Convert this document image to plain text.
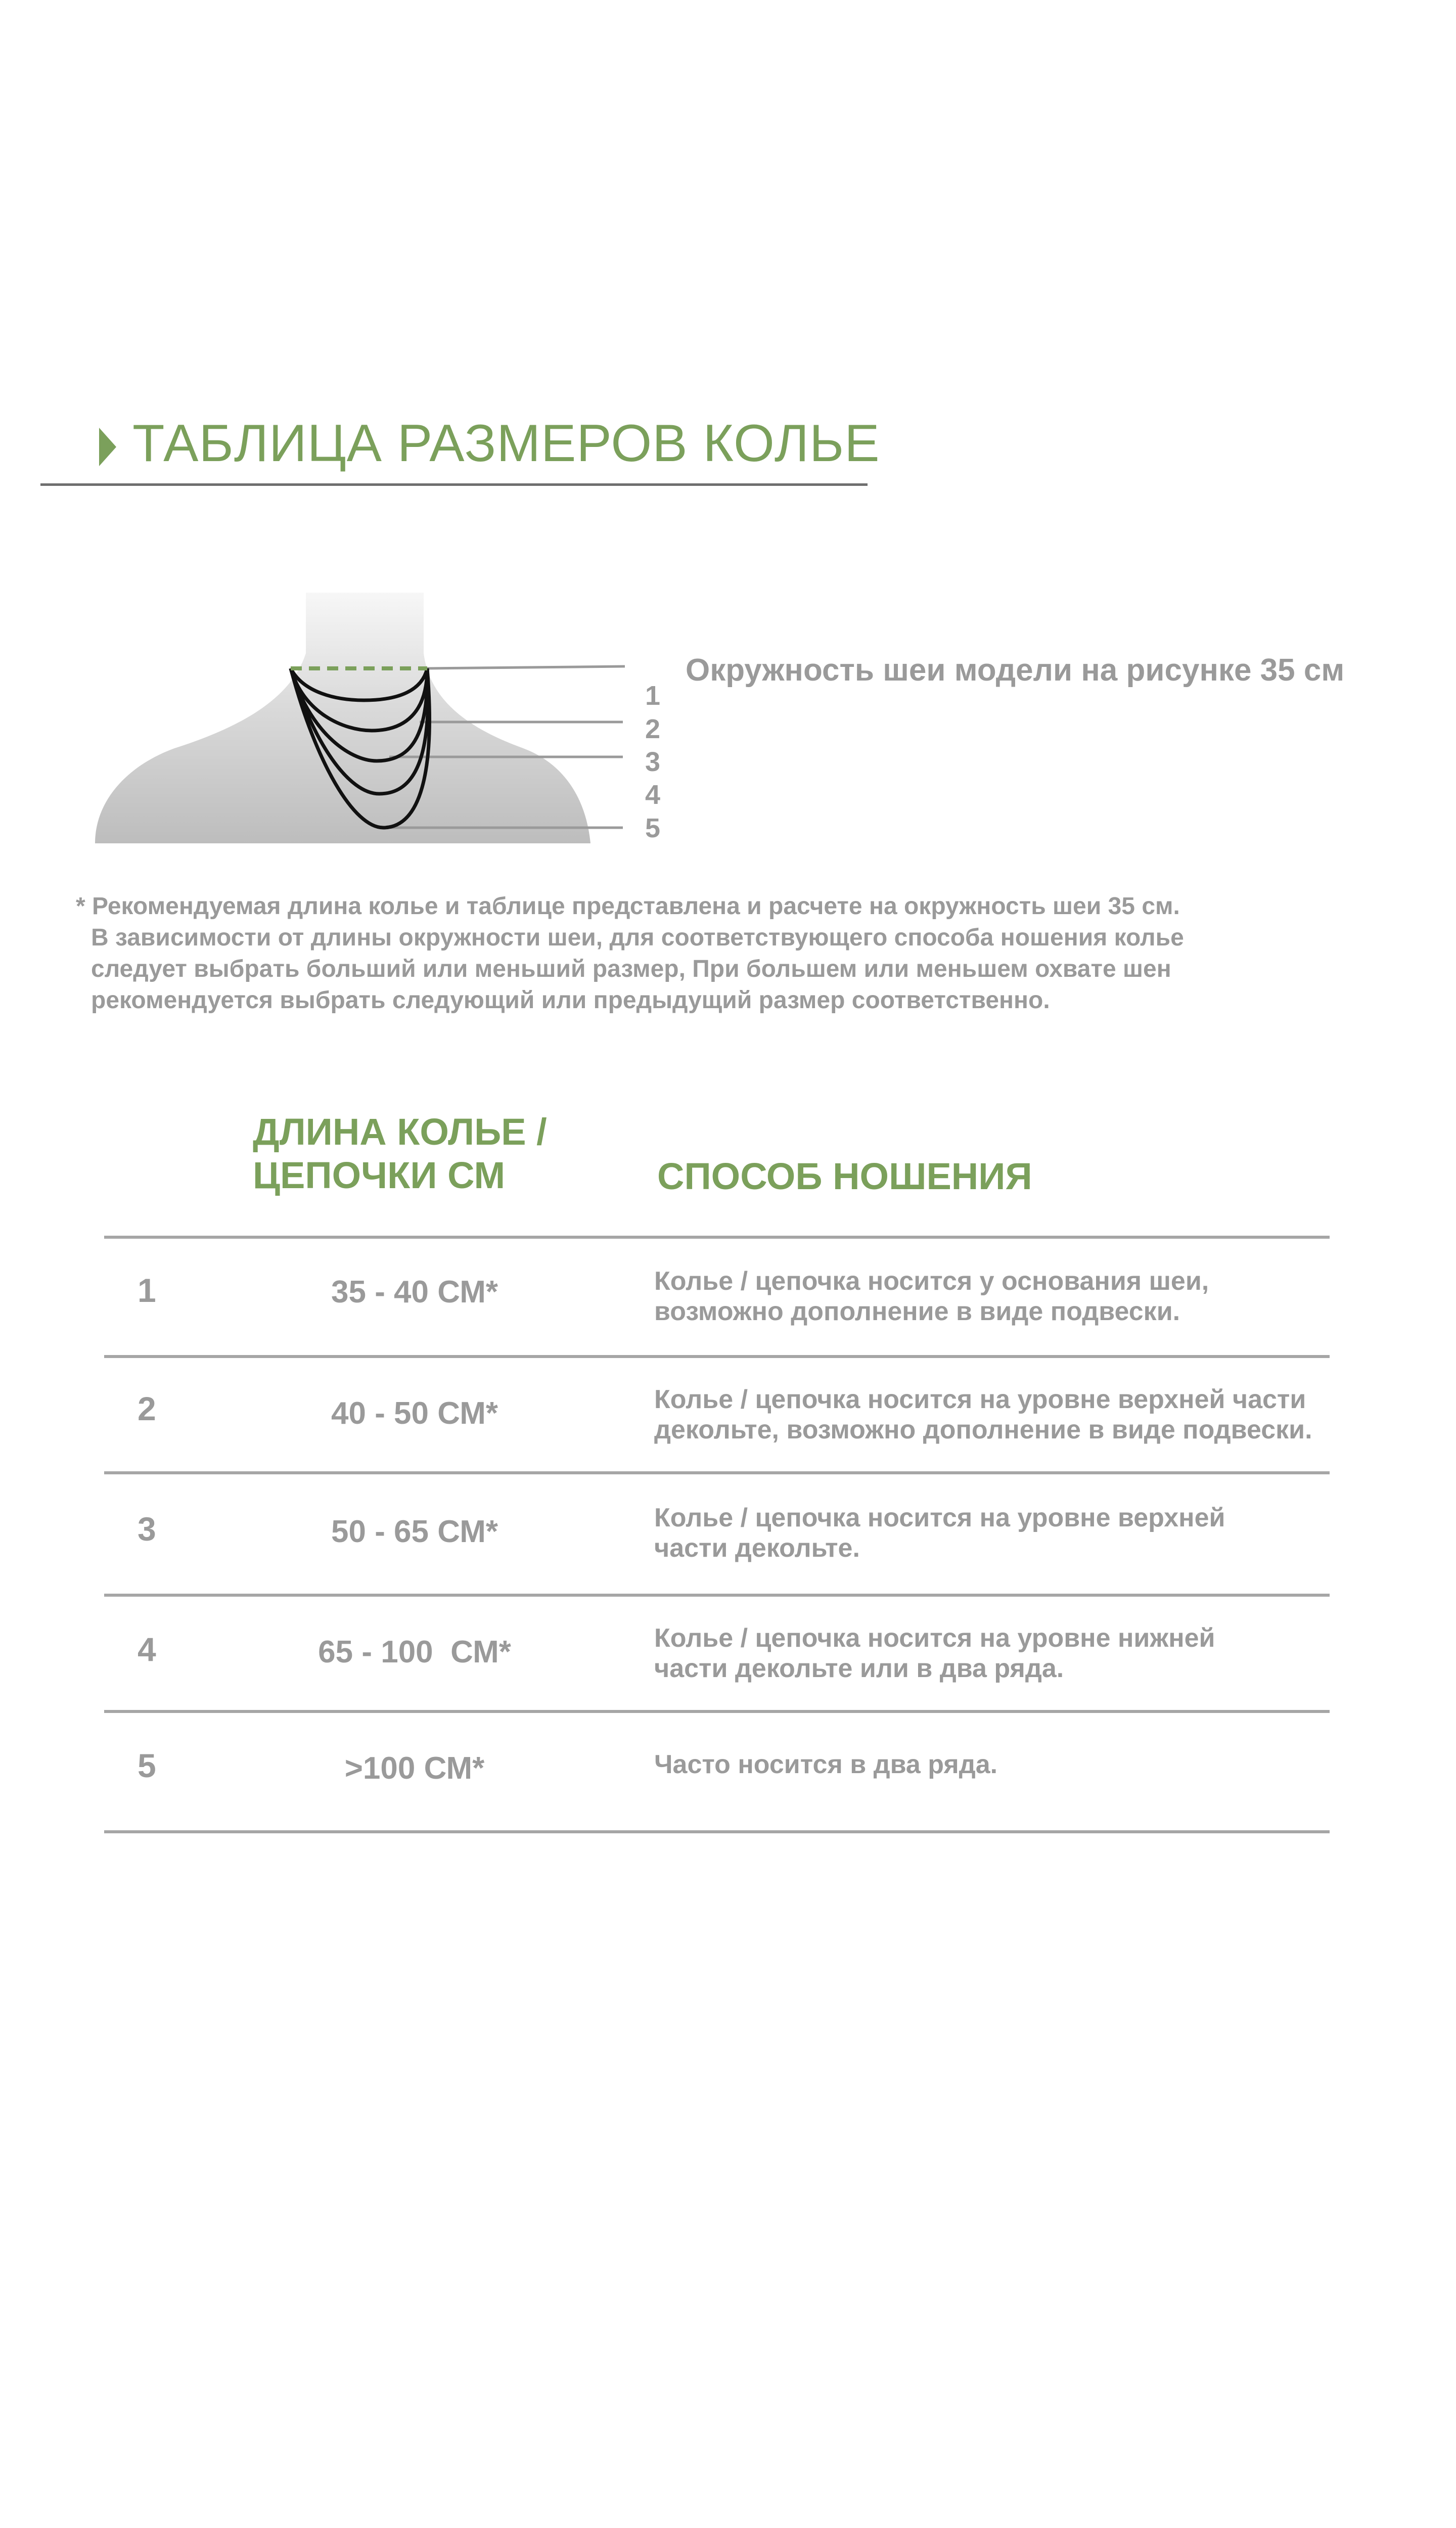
ТАБЛИЦА РАЗМЕРОВ КОЛЬЕ
1
2
3
4
5
Окружность шеи модели на рисунке 35 см
* Рекомендуемая длина колье и таблице представлена и расчете на окружность шеи 35 см.
В зависимости от длины окружности шеи, для соответствующего способа ношения колье
следует выбрать больший или меньший размер, При большем или меньшем охвате шен
рекомендуется выбрать следующий или предыдущий размер соответственно.
ДЛИНА КОЛЬЕ /
ЦЕПОЧКИ СМ	СПОСОБ НОШЕНИЯ
1	35 - 40 СМ*	Колье / цепочка носится у основания шеи,
возможно дополнение в виде подвески.
2	40 - 50 СМ*	Колье / цепочка носится на уровне верхней части
декольте, возможно дополнение в виде подвески.
3	50 - 65 СМ*	Колье / цепочка носится на уровне верхней
части декольте.
4	65 - 100  СМ*	Колье / цепочка носится на уровне нижней
части декольте или в два ряда.
5	>100 СМ*	Часто носится в два ряда.
